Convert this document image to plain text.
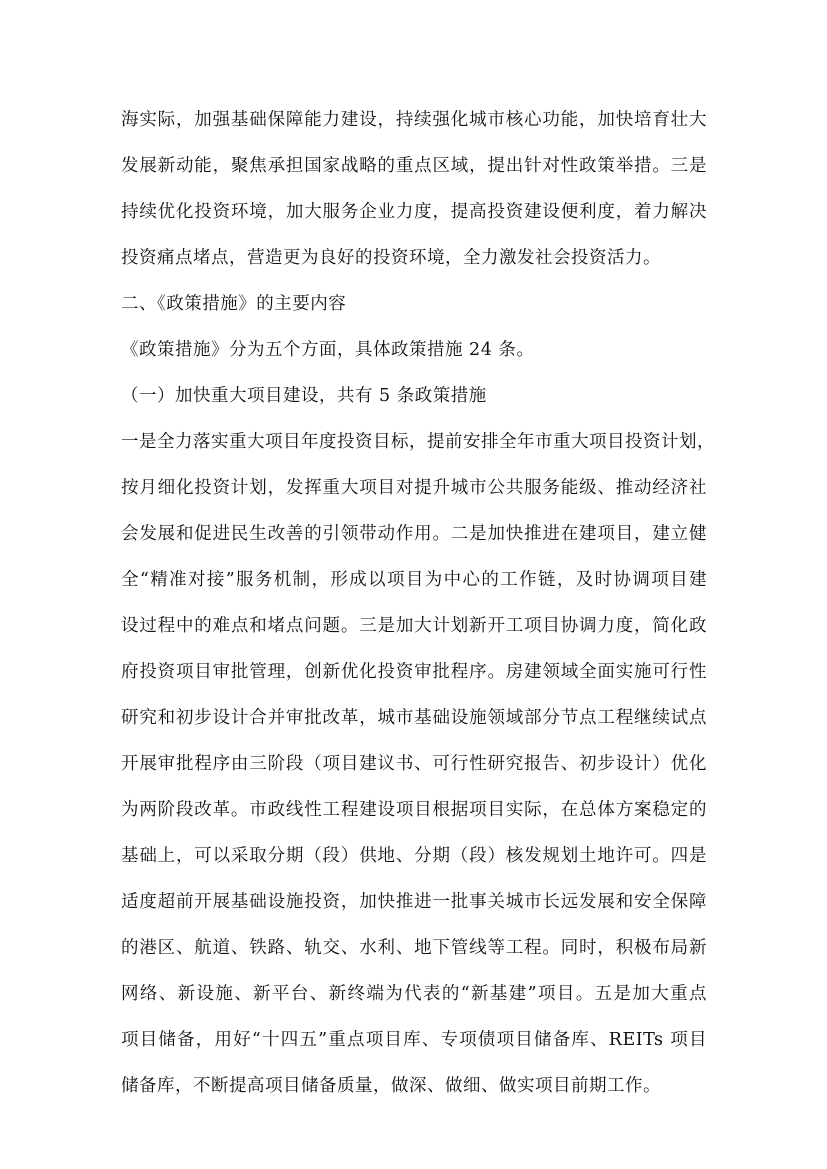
海实际，加强基础保障能力建设，持续强化城市核心功能，加快培育壮大
发展新动能，聚焦承担国家战略的重点区域，提出针对性政策举措。三是
持续优化投资环境，加大服务企业力度，提高投资建设便利度，着力解决
投资痛点堵点，营造更为良好的投资环境，全力激发社会投资活力。
二、《政策措施》的主要内容
《政策措施》分为五个方面，具体政策措施 24 条。
（一）加快重大项目建设，共有 5 条政策措施
一是全力落实重大项目年度投资目标，提前安排全年市重大项目投资计划，
按月细化投资计划，发挥重大项目对提升城市公共服务能级、推动经济社
会发展和促进民生改善的引领带动作用。二是加快推进在建项目，建立健
全“精准对接”服务机制，形成以项目为中心的工作链，及时协调项目建
设过程中的难点和堵点问题。三是加大计划新开工项目协调力度，简化政
府投资项目审批管理，创新优化投资审批程序。房建领域全面实施可行性
研究和初步设计合并审批改革，城市基础设施领域部分节点工程继续试点
开展审批程序由三阶段（项目建议书、可行性研究报告、初步设计）优化
为两阶段改革。市政线性工程建设项目根据项目实际，在总体方案稳定的
基础上，可以采取分期（段）供地、分期（段）核发规划土地许可。四是
适度超前开展基础设施投资，加快推进一批事关城市长远发展和安全保障
的港区、航道、铁路、轨交、水利、地下管线等工程。同时，积极布局新
网络、新设施、新平台、新终端为代表的“新基建”项目。五是加大重点
项目储备，用好“十四五”重点项目库、专项债项目储备库、REITs 项目
储备库，不断提高项目储备质量，做深、做细、做实项目前期工作。
